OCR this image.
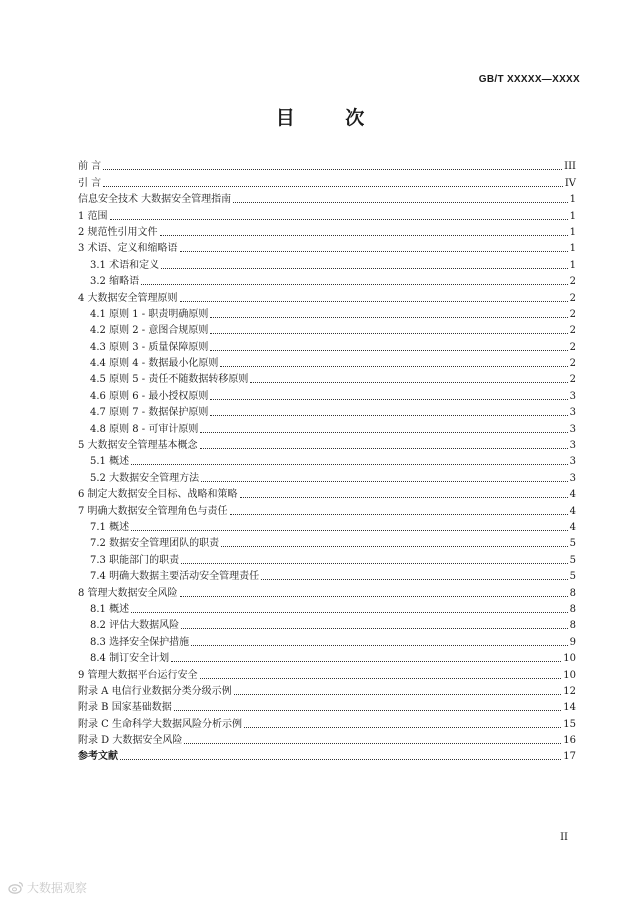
GB/T XXXXX—XXXX
目 次
前 言	III
引 言	IV
信息安全技术 大数据安全管理指南	1
1 范围	1
2 规范性引用文件	1
3 术语、定义和缩略语	1
3.1 术语和定义	1
3.2 缩略语	2
4 大数据安全管理原则	2
4.1 原则 1 - 职责明确原则	2
4.2 原则 2 - 意图合规原则	2
4.3 原则 3 - 质量保障原则	2
4.4 原则 4 - 数据最小化原则	2
4.5 原则 5 - 责任不随数据转移原则	2
4.6 原则 6 - 最小授权原则	3
4.7 原则 7 - 数据保护原则	3
4.8 原则 8 - 可审计原则	3
5 大数据安全管理基本概念	3
5.1 概述	3
5.2 大数据安全管理方法	3
6 制定大数据安全目标、战略和策略	4
7 明确大数据安全管理角色与责任	4
7.1 概述	4
7.2 数据安全管理团队的职责	5
7.3 职能部门的职责	5
7.4 明确大数据主要活动安全管理责任	5
8 管理大数据安全风险	8
8.1 概述	8
8.2 评估大数据风险	8
8.3 选择安全保护措施	9
8.4 制订安全计划	10
9 管理大数据平台运行安全	10
附录 A 电信行业数据分类分级示例	12
附录 B 国家基础数据	14
附录 C 生命科学大数据风险分析示例	15
附录 D 大数据安全风险	16
参考文献	17
II
大数据观察
